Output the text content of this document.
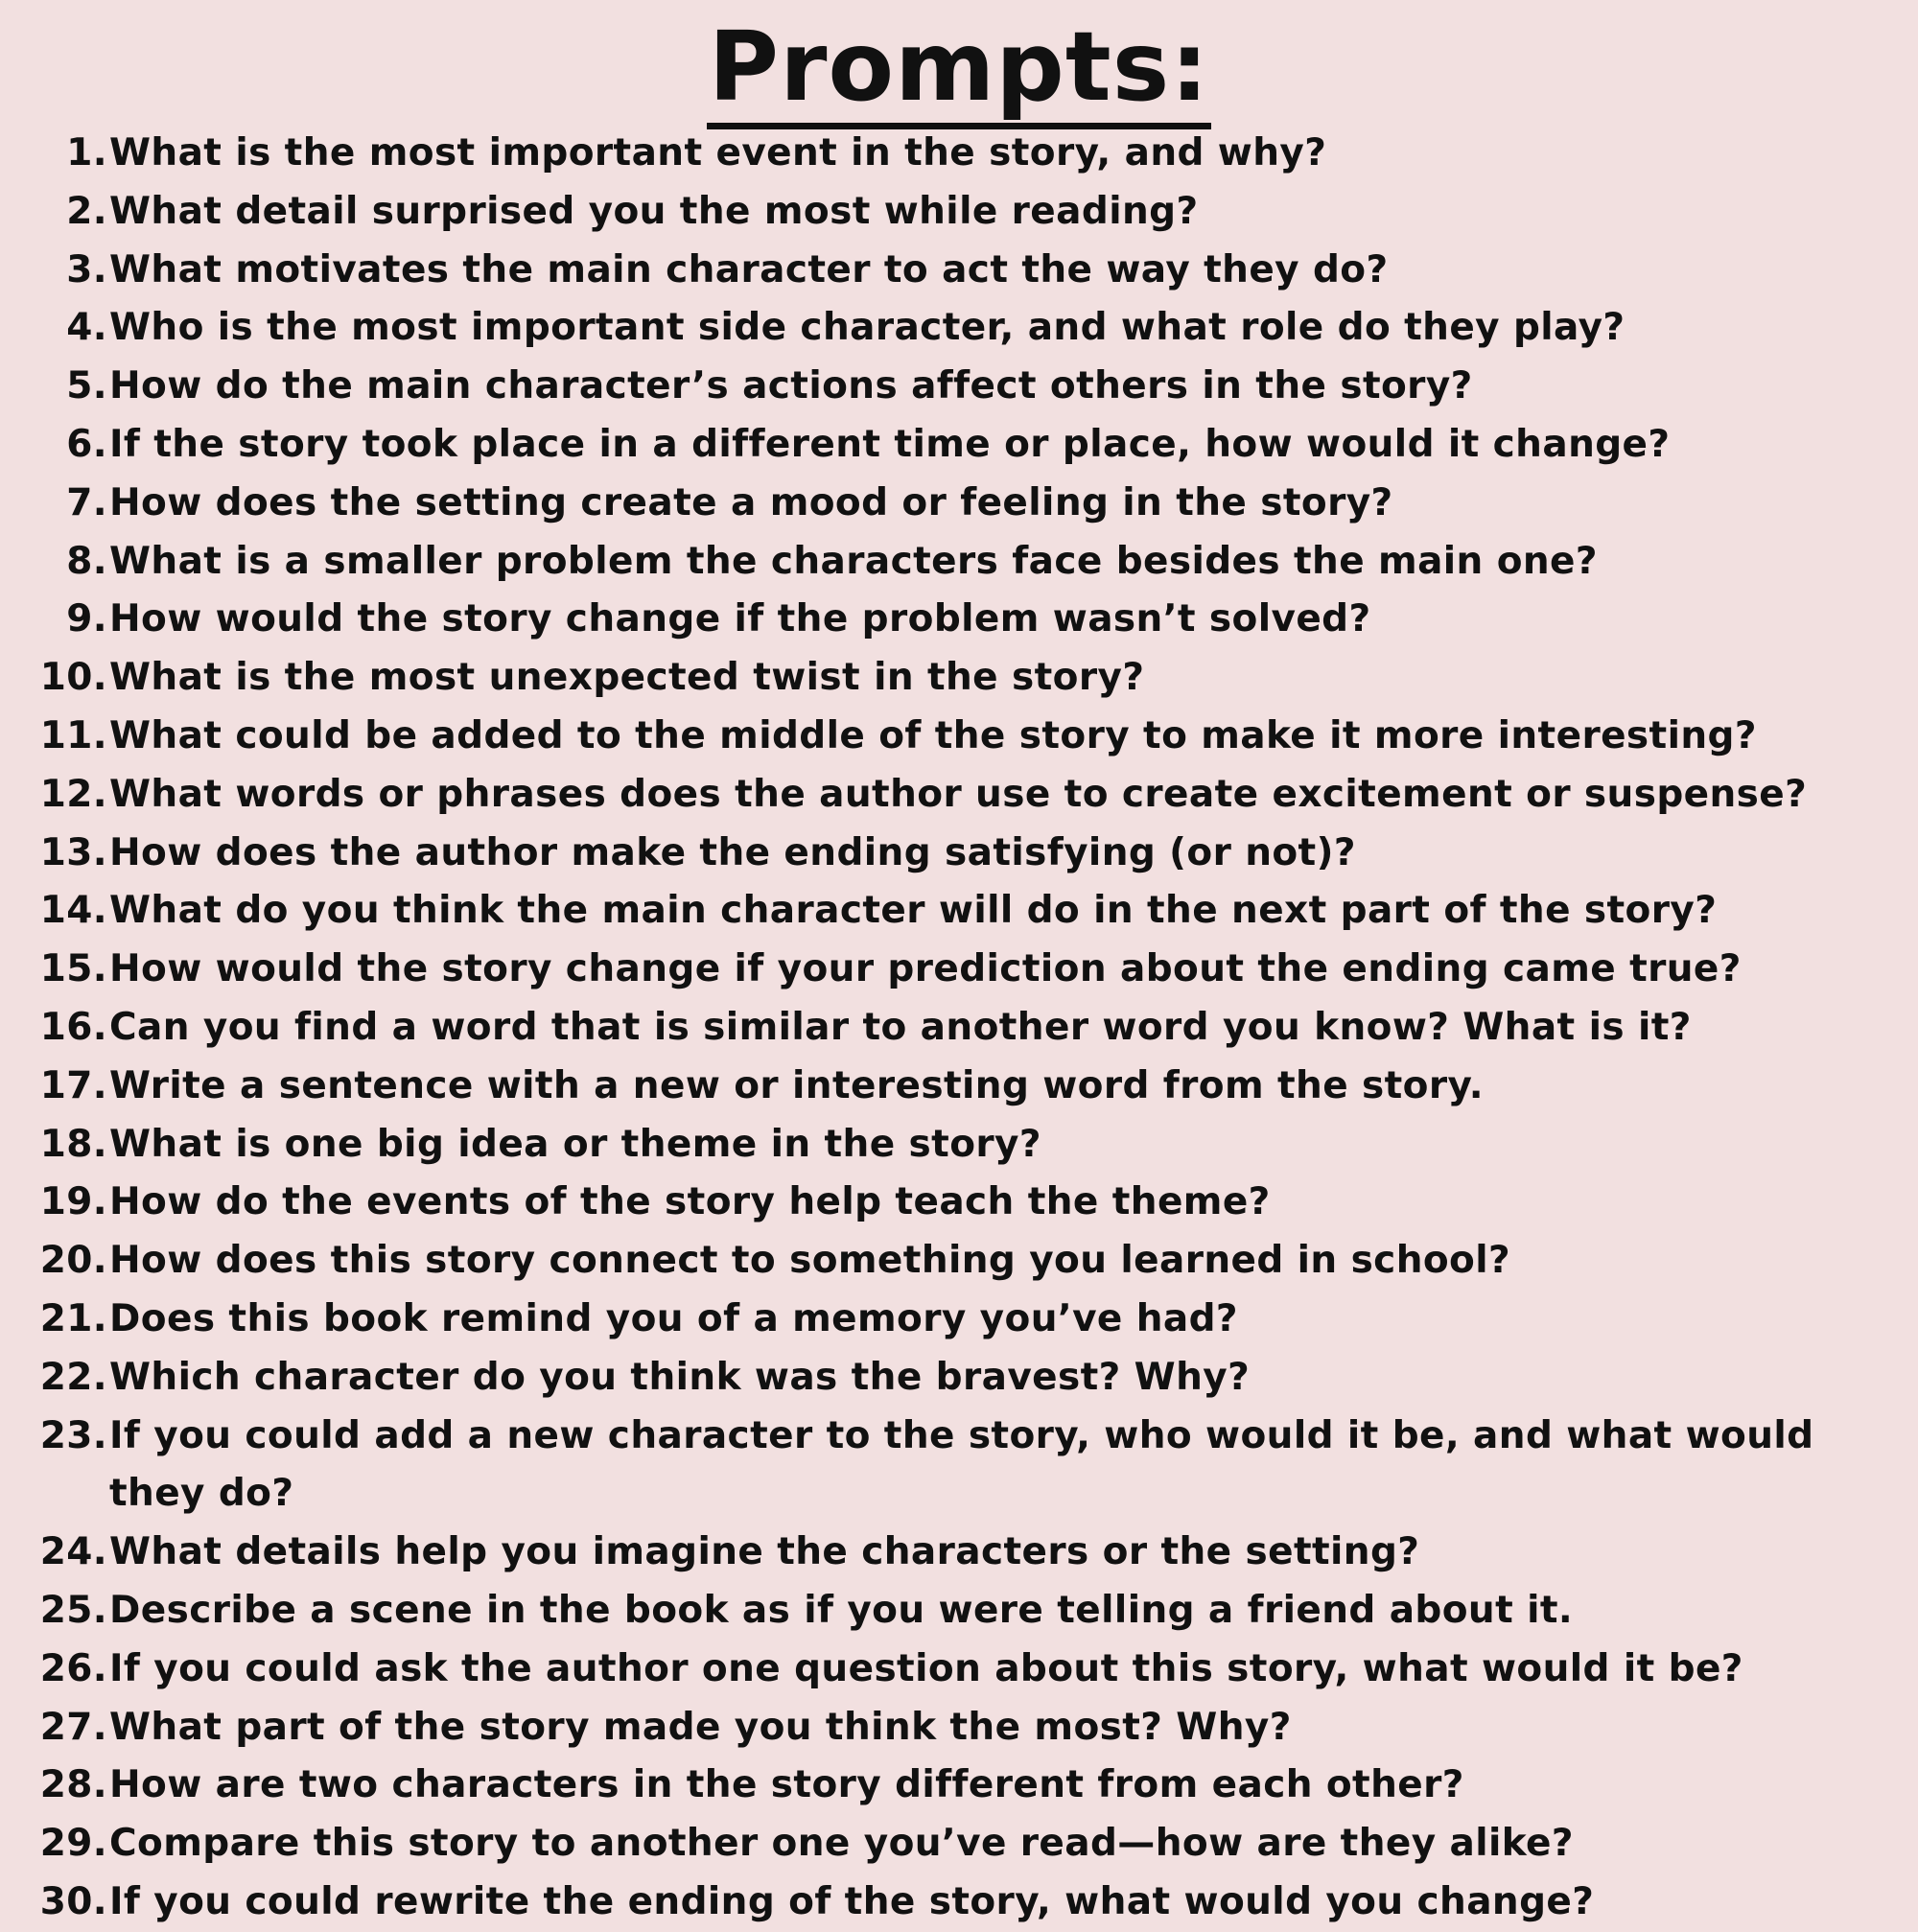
Prompts:
1. What is the most important event in the story, and why?
2. What detail surprised you the most while reading?
3. What motivates the main character to act the way they do?
4. Who is the most important side character, and what role do they play?
5. How do the main character’s actions affect others in the story?
6. If the story took place in a different time or place, how would it change?
7. How does the setting create a mood or feeling in the story?
8. What is a smaller problem the characters face besides the main one?
9. How would the story change if the problem wasn’t solved?
10. What is the most unexpected twist in the story?
11. What could be added to the middle of the story to make it more interesting?
12. What words or phrases does the author use to create excitement or suspense?
13. How does the author make the ending satisfying (or not)?
14. What do you think the main character will do in the next part of the story?
15. How would the story change if your prediction about the ending came true?
16. Can you find a word that is similar to another word you know? What is it?
17. Write a sentence with a new or interesting word from the story.
18. What is one big idea or theme in the story?
19. How do the events of the story help teach the theme?
20. How does this story connect to something you learned in school?
21. Does this book remind you of a memory you’ve had?
22. Which character do you think was the bravest? Why?
23. If you could add a new character to the story, who would it be, and what would they do?
24. What details help you imagine the characters or the setting?
25. Describe a scene in the book as if you were telling a friend about it.
26. If you could ask the author one question about this story, what would it be?
27. What part of the story made you think the most? Why?
28. How are two characters in the story different from each other?
29. Compare this story to another one you’ve read—how are they alike?
30. If you could rewrite the ending of the story, what would you change?
